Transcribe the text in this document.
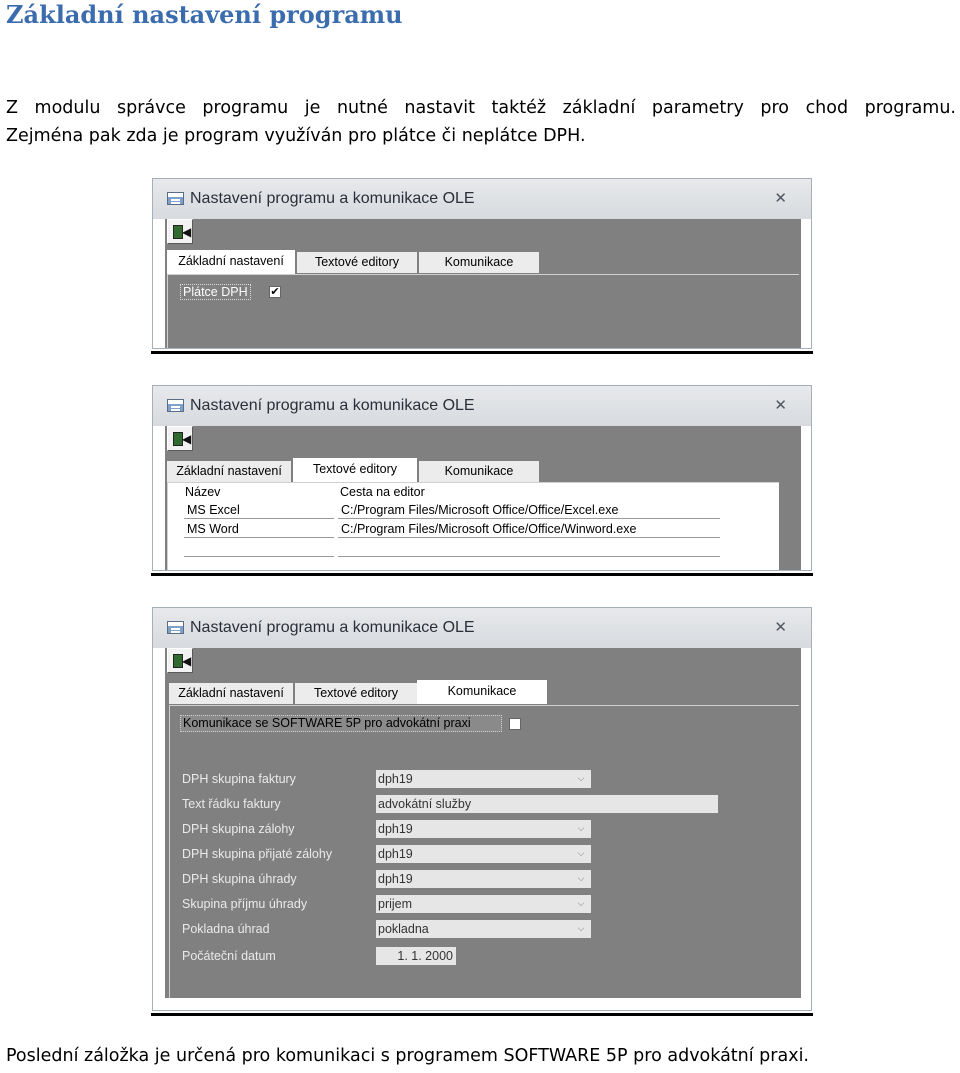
Základní nastavení programu
Z modulu správce programu je nutné nastavit taktéž základní parametry pro chod programu.
Zejména pak zda je program využíván pro plátce či neplátce DPH.
Nastavení programu a komunikace OLE	✕
◀
Základní nastavení	Textové editory	Komunikace
Plátce DPH ✔
Nastavení programu a komunikace OLE	✕
◀
Základní nastavení	Textové editory	Komunikace
Název	Cesta na editor
MS Excel	C:/Program Files/Microsoft Office/Office/Excel.exe
MS Word	C:/Program Files/Microsoft Office/Office/Winword.exe
Nastavení programu a komunikace OLE	✕
◀
Základní nastavení	Textové editory	Komunikace
Komunikace se SOFTWARE 5P pro advokátní praxi
DPH skupina faktury	dph19	⌵
Text řádku faktury	advokátní služby
DPH skupina zálohy	dph19	⌵
DPH skupina přijaté zálohy	dph19	⌵
DPH skupina úhrady	dph19	⌵
Skupina příjmu úhrady	prijem	⌵
Pokladna úhrad	pokladna	⌵
Počáteční datum	1. 1. 2000
Poslední záložka je určená pro komunikaci s programem SOFTWARE 5P pro advokátní praxi.
